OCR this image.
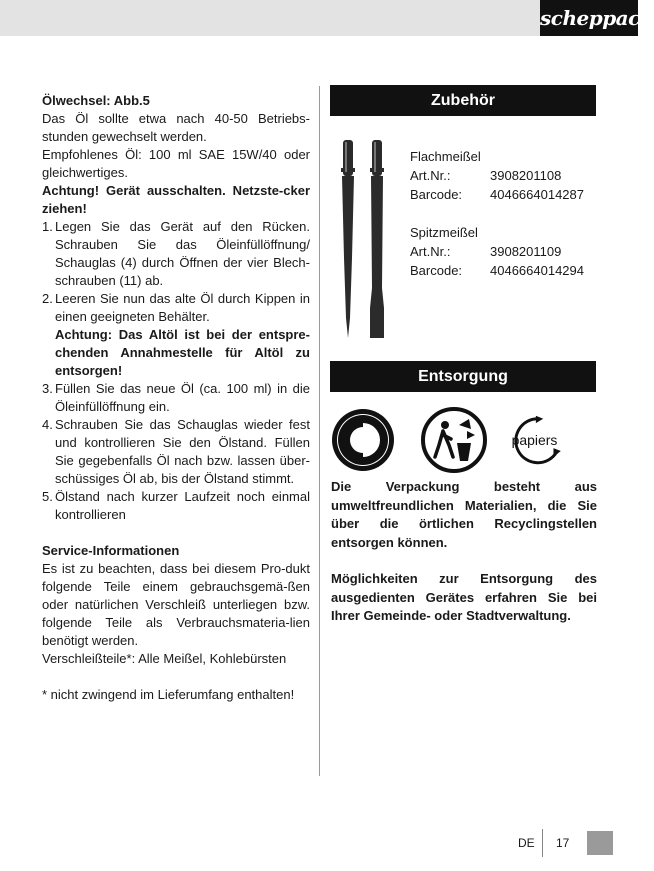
scheppach

Ölwechsel: Abb.5

Das Öl sollte etwa nach 40-50 Betriebs-stunden gewechselt werden.

Empfohlenes Öl: 100 ml SAE 15W/40 oder gleichwertiges.

Achtung! Gerät ausschalten. Netzste-cker ziehen!

1. Legen Sie das Gerät auf den Rücken. Schrauben Sie das Öleinfüllöffnung/ Schauglas (4) durch Öffnen der vier Blech-schrauben (11) ab.
2. Leeren Sie nun das alte Öl durch Kippen in einen geeigneten Behälter.
Achtung: Das Altöl ist bei der entspre-chenden Annahmestelle für Altöl zu entsorgen!
3. Füllen Sie das neue Öl (ca. 100 ml) in die Öleinfüllöffnung ein.
4. Schrauben Sie das Schauglas wieder fest und kontrollieren Sie den Ölstand. Füllen Sie gegebenfalls Öl nach bzw. lassen über-schüssiges Öl ab, bis der Ölstand stimmt.
5. Ölstand nach kurzer Laufzeit noch einmal kontrollieren

Service-Informationen

Es ist zu beachten, dass bei diesem Pro-dukt folgende Teile einem gebrauchsgemä-ßen oder natürlichen Verschleiß unterliegen bzw. folgende Teile als Verbrauchsmateria-lien benötigt werden.

Verschleißteile*: Alle Meißel, Kohlebürsten

* nicht zwingend im Lieferumfang enthalten!

Zubehör
Flachmeißel
Art.Nr.:	3908201108
Barcode:	4046664014287
Spitzmeißel
Art.Nr.:	3908201109
Barcode:	4046664014294
Entsorgung
papiers

Die Verpackung besteht aus umweltfreundlichen Materialien, die Sie über die örtlichen Recyclingstellen entsorgen können.

Möglichkeiten zur Entsorgung des ausgedienten Gerätes erfahren Sie bei Ihrer Gemeinde- oder Stadtverwaltung.

DE 17
